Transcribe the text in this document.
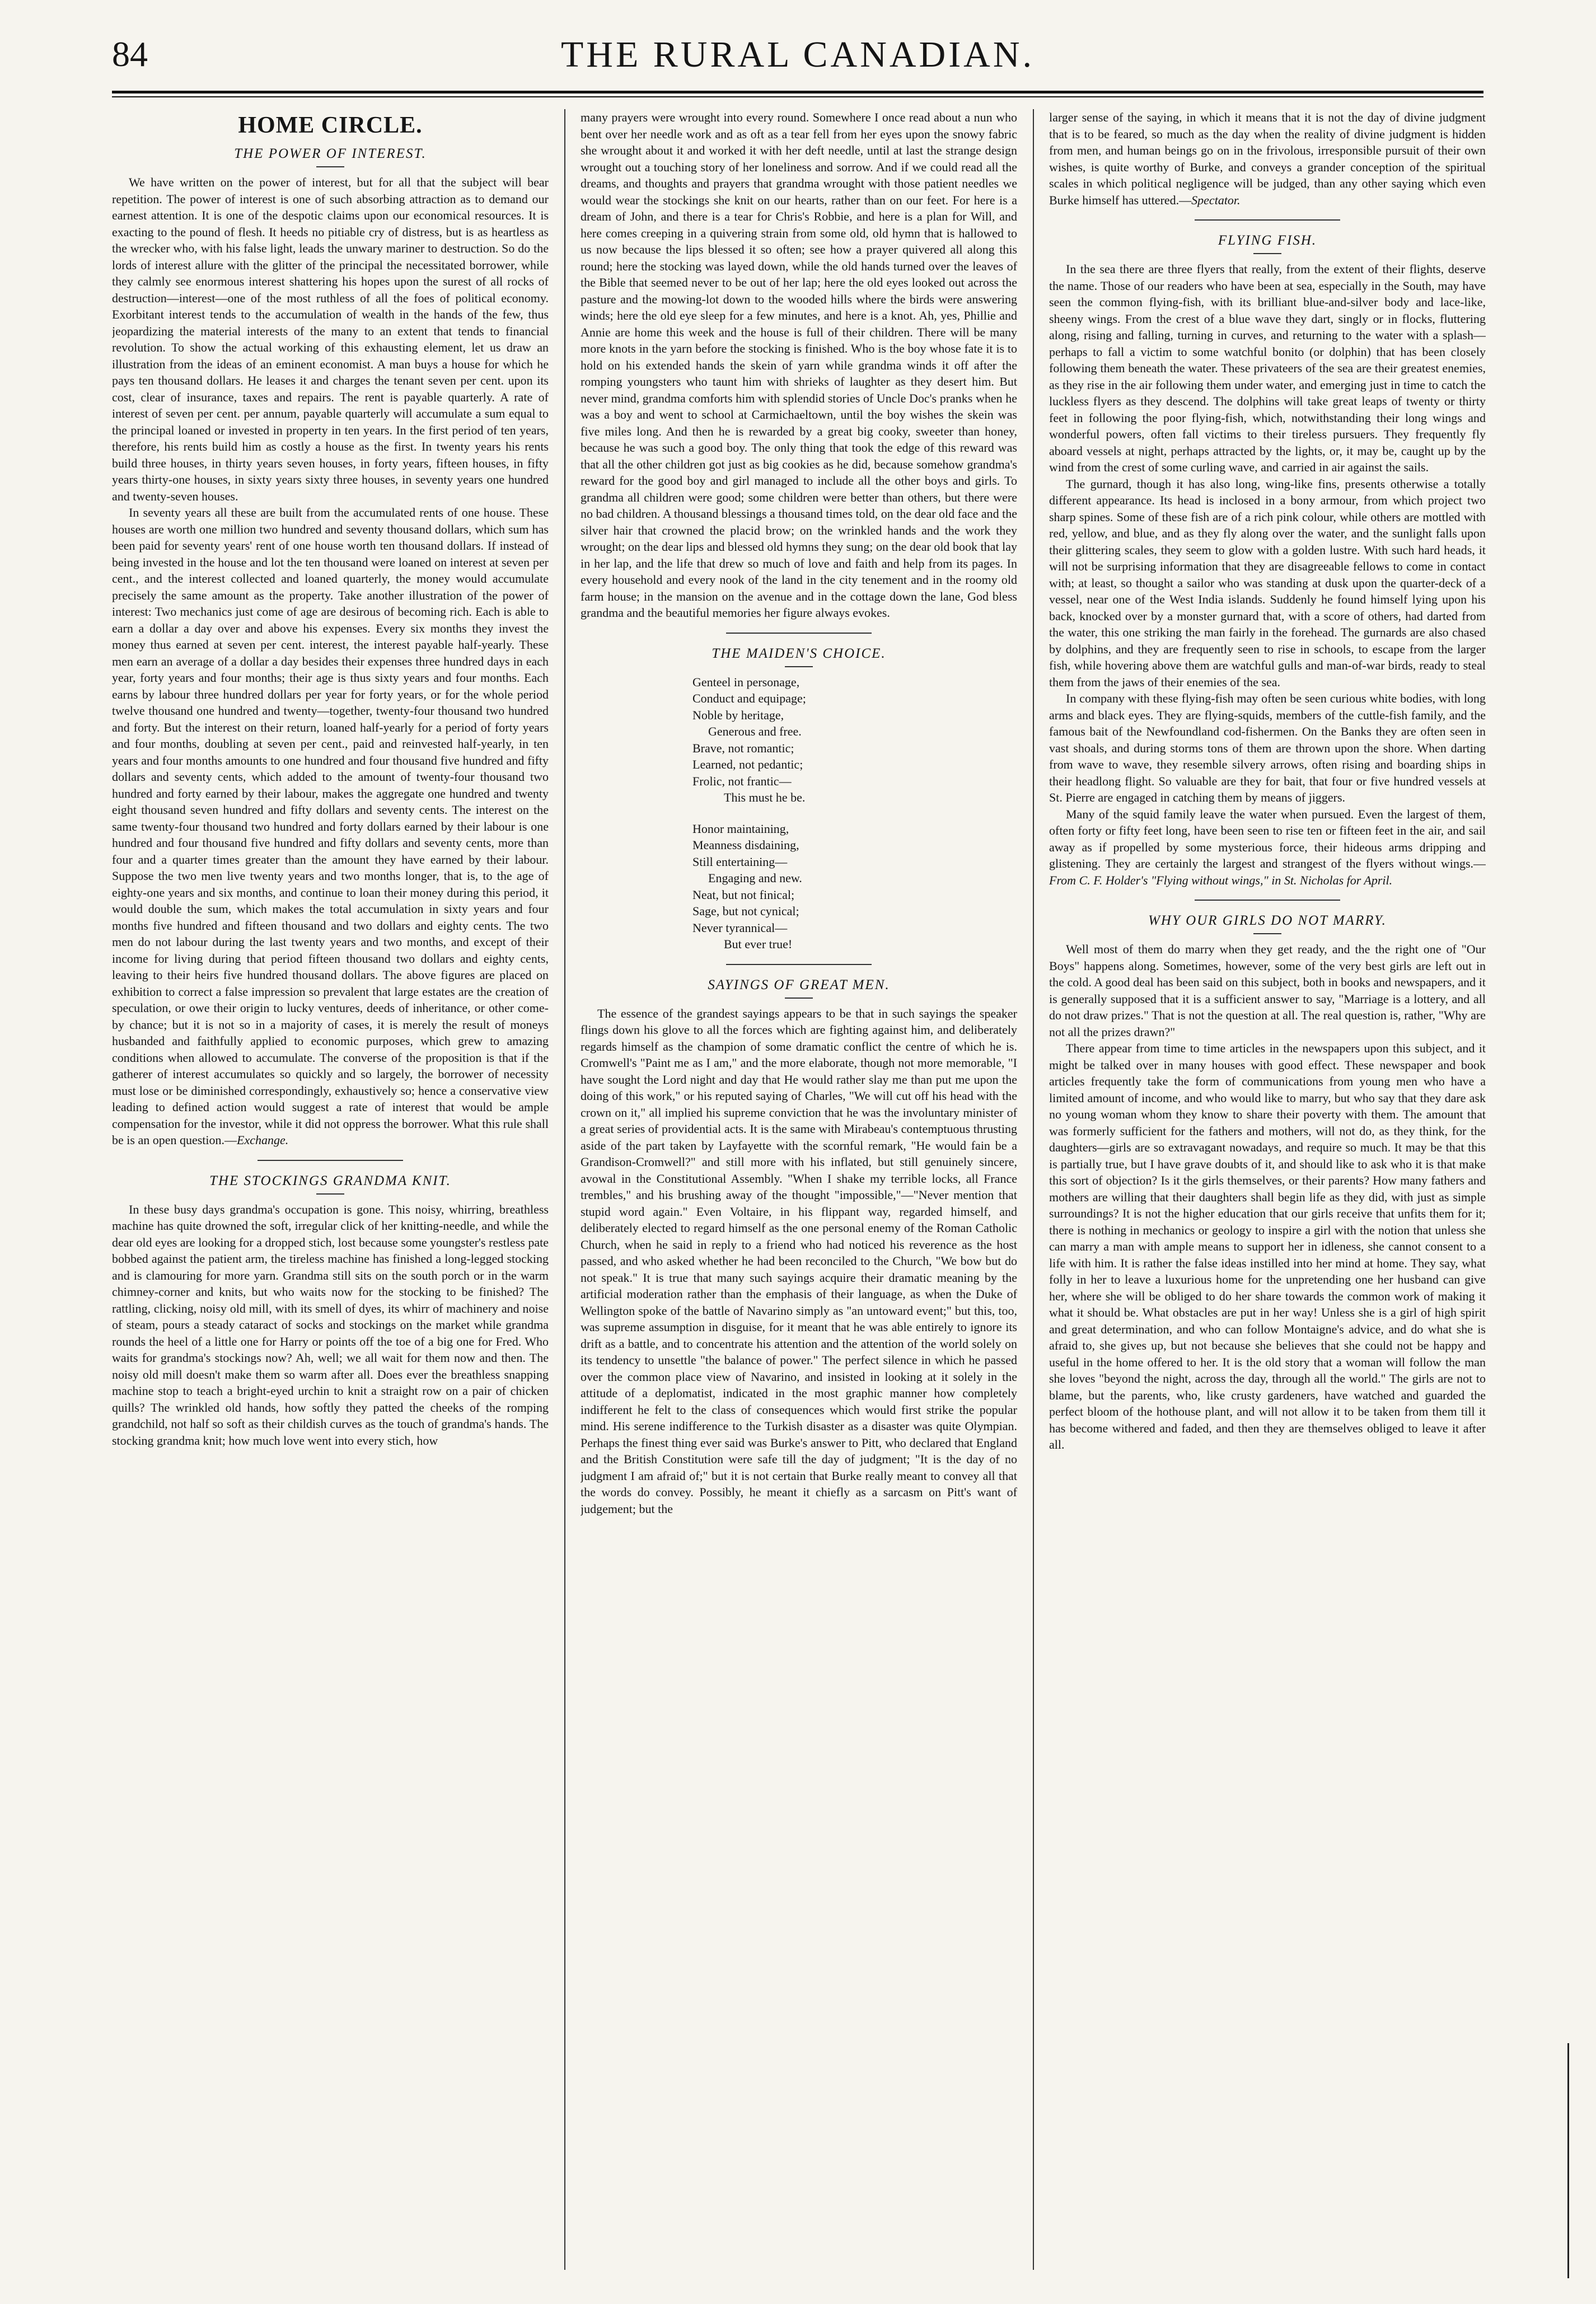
84	THE RURAL CANADIAN.
HOME CIRCLE.
THE POWER OF INTEREST.

We have written on the power of interest, but for all that the subject will bear repetition. The power of interest is one of such absorbing attraction as to demand our earnest attention. It is one of the despotic claims upon our economical resources. It is exacting to the pound of flesh. It heeds no pitiable cry of distress, but is as heartless as the wrecker who, with his false light, leads the unwary mariner to destruction. So do the lords of interest allure with the glitter of the principal the necessitated borrower, while they calmly see enormous interest shattering his hopes upon the surest of all rocks of destruction—interest—one of the most ruthless of all the foes of political economy. Exorbitant interest tends to the accumulation of wealth in the hands of the few, thus jeopardizing the material interests of the many to an extent that tends to financial revolution. To show the actual working of this exhausting element, let us draw an illustration from the ideas of an eminent economist. A man buys a house for which he pays ten thousand dollars. He leases it and charges the tenant seven per cent. upon its cost, clear of insurance, taxes and repairs. The rent is payable quarterly. A rate of interest of seven per cent. per annum, payable quarterly will accumulate a sum equal to the principal loaned or invested in property in ten years. In the first period of ten years, therefore, his rents build him as costly a house as the first. In twenty years his rents build three houses, in thirty years seven houses, in forty years, fifteen houses, in fifty years thirty-one houses, in sixty years sixty three houses, in seventy years one hundred and twenty-seven houses.

In seventy years all these are built from the accumulated rents of one house. These houses are worth one million two hundred and seventy thousand dollars, which sum has been paid for seventy years' rent of one house worth ten thousand dollars. If instead of being invested in the house and lot the ten thousand were loaned on interest at seven per cent., and the interest collected and loaned quarterly, the money would accumulate precisely the same amount as the property. Take another illustration of the power of interest: Two mechanics just come of age are desirous of becoming rich. Each is able to earn a dollar a day over and above his expenses. Every six months they invest the money thus earned at seven per cent. interest, the interest payable half-yearly. These men earn an average of a dollar a day besides their expenses three hundred days in each year, forty years and four months; their age is thus sixty years and four months. Each earns by labour three hundred dollars per year for forty years, or for the whole period twelve thousand one hundred and twenty—together, twenty-four thousand two hundred and forty. But the interest on their return, loaned half-yearly for a period of forty years and four months, doubling at seven per cent., paid and reinvested half-yearly, in ten years and four months amounts to one hundred and four thousand five hundred and fifty dollars and seventy cents, which added to the amount of twenty-four thousand two hundred and forty earned by their labour, makes the aggregate one hundred and twenty eight thousand seven hundred and fifty dollars and seventy cents. The interest on the same twenty-four thousand two hundred and forty dollars earned by their labour is one hundred and four thousand five hundred and fifty dollars and seventy cents, more than four and a quarter times greater than the amount they have earned by their labour. Suppose the two men live twenty years and two months longer, that is, to the age of eighty-one years and six months, and continue to loan their money during this period, it would double the sum, which makes the total accumulation in sixty years and four months five hundred and fifteen thousand and two dollars and eighty cents. The two men do not labour during the last twenty years and two months, and except of their income for living during that period fifteen thousand two dollars and eighty cents, leaving to their heirs five hundred thousand dollars. The above figures are placed on exhibition to correct a false impression so prevalent that large estates are the creation of speculation, or owe their origin to lucky ventures, deeds of inheritance, or other come-by chance; but it is not so in a majority of cases, it is merely the result of moneys husbanded and faithfully applied to economic purposes, which grew to amazing conditions when allowed to accumulate. The converse of the proposition is that if the gatherer of interest accumulates so quickly and so largely, the borrower of necessity must lose or be diminished correspondingly, exhaustively so; hence a conservative view leading to defined action would suggest a rate of interest that would be ample compensation for the investor, while it did not oppress the borrower. What this rule shall be is an open question.—Exchange.

THE STOCKINGS GRANDMA KNIT.

In these busy days grandma's occupation is gone. This noisy, whirring, breathless machine has quite drowned the soft, irregular click of her knitting-needle, and while the dear old eyes are looking for a dropped stich, lost because some youngster's restless pate bobbed against the patient arm, the tireless machine has finished a long-legged stocking and is clamouring for more yarn. Grandma still sits on the south porch or in the warm chimney-corner and knits, but who waits now for the stocking to be finished? The rattling, clicking, noisy old mill, with its smell of dyes, its whirr of machinery and noise of steam, pours a steady cataract of socks and stockings on the market while grandma rounds the heel of a little one for Harry or points off the toe of a big one for Fred. Who waits for grandma's stockings now? Ah, well; we all wait for them now and then. The noisy old mill doesn't make them so warm after all. Does ever the breathless snapping machine stop to teach a bright-eyed urchin to knit a straight row on a pair of chicken quills? The wrinkled old hands, how softly they patted the cheeks of the romping grandchild, not half so soft as their childish curves as the touch of grandma's hands. The stocking grandma knit; how much love went into every stich, how

many prayers were wrought into every round. Somewhere I once read about a nun who bent over her needle work and as oft as a tear fell from her eyes upon the snowy fabric she wrought about it and worked it with her deft needle, until at last the strange design wrought out a touching story of her loneliness and sorrow. And if we could read all the dreams, and thoughts and prayers that grandma wrought with those patient needles we would wear the stockings she knit on our hearts, rather than on our feet. For here is a dream of John, and there is a tear for Chris's Robbie, and here is a plan for Will, and here comes creeping in a quivering strain from some old, old hymn that is hallowed to us now because the lips blessed it so often; see how a prayer quivered all along this round; here the stocking was layed down, while the old hands turned over the leaves of the Bible that seemed never to be out of her lap; here the old eyes looked out across the pasture and the mowing-lot down to the wooded hills where the birds were answering winds; here the old eye sleep for a few minutes, and here is a knot. Ah, yes, Phillie and Annie are home this week and the house is full of their children. There will be many more knots in the yarn before the stocking is finished. Who is the boy whose fate it is to hold on his extended hands the skein of yarn while grandma winds it off after the romping youngsters who taunt him with shrieks of laughter as they desert him. But never mind, grandma comforts him with splendid stories of Uncle Doc's pranks when he was a boy and went to school at Carmichaeltown, until the boy wishes the skein was five miles long. And then he is rewarded by a great big cooky, sweeter than honey, because he was such a good boy. The only thing that took the edge of this reward was that all the other children got just as big cookies as he did, because somehow grandma's reward for the good boy and girl managed to include all the other boys and girls. To grandma all children were good; some children were better than others, but there were no bad children. A thousand blessings a thousand times told, on the dear old face and the silver hair that crowned the placid brow; on the wrinkled hands and the work they wrought; on the dear lips and blessed old hymns they sung; on the dear old book that lay in her lap, and the life that drew so much of love and faith and help from its pages. In every household and every nook of the land in the city tenement and in the roomy old farm house; in the mansion on the avenue and in the cottage down the lane, God bless grandma and the beautiful memories her figure always evokes.

THE MAIDEN'S CHOICE.
Genteel in personage,
Conduct and equipage;
Noble by heritage,
Generous and free.
Brave, not romantic;
Learned, not pedantic;
Frolic, not frantic—
This must he be.
Honor maintaining,
Meanness disdaining,
Still entertaining—
Engaging and new.
Neat, but not finical;
Sage, but not cynical;
Never tyrannical—
But ever true!
SAYINGS OF GREAT MEN.

The essence of the grandest sayings appears to be that in such sayings the speaker flings down his glove to all the forces which are fighting against him, and deliberately regards himself as the champion of some dramatic conflict the centre of which he is. Cromwell's "Paint me as I am," and the more elaborate, though not more memorable, "I have sought the Lord night and day that He would rather slay me than put me upon the doing of this work," or his reputed saying of Charles, "We will cut off his head with the crown on it," all implied his supreme conviction that he was the involuntary minister of a great series of providential acts. It is the same with Mirabeau's contemptuous thrusting aside of the part taken by Layfayette with the scornful remark, "He would fain be a Grandison-Cromwell?" and still more with his inflated, but still genuinely sincere, avowal in the Constitutional Assembly. "When I shake my terrible locks, all France trembles," and his brushing away of the thought "impossible,"—"Never mention that stupid word again." Even Voltaire, in his flippant way, regarded himself, and deliberately elected to regard himself as the one personal enemy of the Roman Catholic Church, when he said in reply to a friend who had noticed his reverence as the host passed, and who asked whether he had been reconciled to the Church, "We bow but do not speak." It is true that many such sayings acquire their dramatic meaning by the artificial moderation rather than the emphasis of their language, as when the Duke of Wellington spoke of the battle of Navarino simply as "an untoward event;" but this, too, was supreme assumption in disguise, for it meant that he was able entirely to ignore its drift as a battle, and to concentrate his attention and the attention of the world solely on its tendency to unsettle "the balance of power." The perfect silence in which he passed over the common place view of Navarino, and insisted in looking at it solely in the attitude of a deplomatist, indicated in the most graphic manner how completely indifferent he felt to the class of consequences which would first strike the popular mind. His serene indifference to the Turkish disaster as a disaster was quite Olympian. Perhaps the finest thing ever said was Burke's answer to Pitt, who declared that England and the British Constitution were safe till the day of judgment; "It is the day of no judgment I am afraid of;" but it is not certain that Burke really meant to convey all that the words do convey. Possibly, he meant it chiefly as a sarcasm on Pitt's want of judgement; but the

larger sense of the saying, in which it means that it is not the day of divine judgment that is to be feared, so much as the day when the reality of divine judgment is hidden from men, and human beings go on in the frivolous, irresponsible pursuit of their own wishes, is quite worthy of Burke, and conveys a grander conception of the spiritual scales in which political negligence will be judged, than any other saying which even Burke himself has uttered.—Spectator.

FLYING FISH.

In the sea there are three flyers that really, from the extent of their flights, deserve the name. Those of our readers who have been at sea, especially in the South, may have seen the common flying-fish, with its brilliant blue-and-silver body and lace-like, sheeny wings. From the crest of a blue wave they dart, singly or in flocks, fluttering along, rising and falling, turning in curves, and returning to the water with a splash—perhaps to fall a victim to some watchful bonito (or dolphin) that has been closely following them beneath the water. These privateers of the sea are their greatest enemies, as they rise in the air following them under water, and emerging just in time to catch the luckless flyers as they descend. The dolphins will take great leaps of twenty or thirty feet in following the poor flying-fish, which, notwithstanding their long wings and wonderful powers, often fall victims to their tireless pursuers. They frequently fly aboard vessels at night, perhaps attracted by the lights, or, it may be, caught up by the wind from the crest of some curling wave, and carried in air against the sails.

The gurnard, though it has also long, wing-like fins, presents otherwise a totally different appearance. Its head is inclosed in a bony armour, from which project two sharp spines. Some of these fish are of a rich pink colour, while others are mottled with red, yellow, and blue, and as they fly along over the water, and the sunlight falls upon their glittering scales, they seem to glow with a golden lustre. With such hard heads, it will not be surprising information that they are disagreeable fellows to come in contact with; at least, so thought a sailor who was standing at dusk upon the quarter-deck of a vessel, near one of the West India islands. Suddenly he found himself lying upon his back, knocked over by a monster gurnard that, with a score of others, had darted from the water, this one striking the man fairly in the forehead. The gurnards are also chased by dolphins, and they are frequently seen to rise in schools, to escape from the larger fish, while hovering above them are watchful gulls and man-of-war birds, ready to steal them from the jaws of their enemies of the sea.

In company with these flying-fish may often be seen curious white bodies, with long arms and black eyes. They are flying-squids, members of the cuttle-fish family, and the famous bait of the Newfoundland cod-fishermen. On the Banks they are often seen in vast shoals, and during storms tons of them are thrown upon the shore. When darting from wave to wave, they resemble silvery arrows, often rising and boarding ships in their headlong flight. So valuable are they for bait, that four or five hundred vessels at St. Pierre are engaged in catching them by means of jiggers.

Many of the squid family leave the water when pursued. Even the largest of them, often forty or fifty feet long, have been seen to rise ten or fifteen feet in the air, and sail away as if propelled by some mysterious force, their hideous arms dripping and glistening. They are certainly the largest and strangest of the flyers without wings.—From C. F. Holder's "Flying without wings," in St. Nicholas for April.

WHY OUR GIRLS DO NOT MARRY.

Well most of them do marry when they get ready, and the the right one of "Our Boys" happens along. Sometimes, however, some of the very best girls are left out in the cold. A good deal has been said on this subject, both in books and newspapers, and it is generally supposed that it is a sufficient answer to say, "Marriage is a lottery, and all do not draw prizes." That is not the question at all. The real question is, rather, "Why are not all the prizes drawn?"

There appear from time to time articles in the newspapers upon this subject, and it might be talked over in many houses with good effect. These newspaper and book articles frequently take the form of communications from young men who have a limited amount of income, and who would like to marry, but who say that they dare ask no young woman whom they know to share their poverty with them. The amount that was formerly sufficient for the fathers and mothers, will not do, as they think, for the daughters—girls are so extravagant nowadays, and require so much. It may be that this is partially true, but I have grave doubts of it, and should like to ask who it is that make this sort of objection? Is it the girls themselves, or their parents? How many fathers and mothers are willing that their daughters shall begin life as they did, with just as simple surroundings? It is not the higher education that our girls receive that unfits them for it; there is nothing in mechanics or geology to inspire a girl with the notion that unless she can marry a man with ample means to support her in idleness, she cannot consent to a life with him. It is rather the false ideas instilled into her mind at home. They say, what folly in her to leave a luxurious home for the unpretending one her husband can give her, where she will be obliged to do her share towards the common work of making it what it should be. What obstacles are put in her way! Unless she is a girl of high spirit and great determination, and who can follow Montaigne's advice, and do what she is afraid to, she gives up, but not because she believes that she could not be happy and useful in the home offered to her. It is the old story that a woman will follow the man she loves "beyond the night, across the day, through all the world." The girls are not to blame, but the parents, who, like crusty gardeners, have watched and guarded the perfect bloom of the hothouse plant, and will not allow it to be taken from them till it has become withered and faded, and then they are themselves obliged to leave it after all.
